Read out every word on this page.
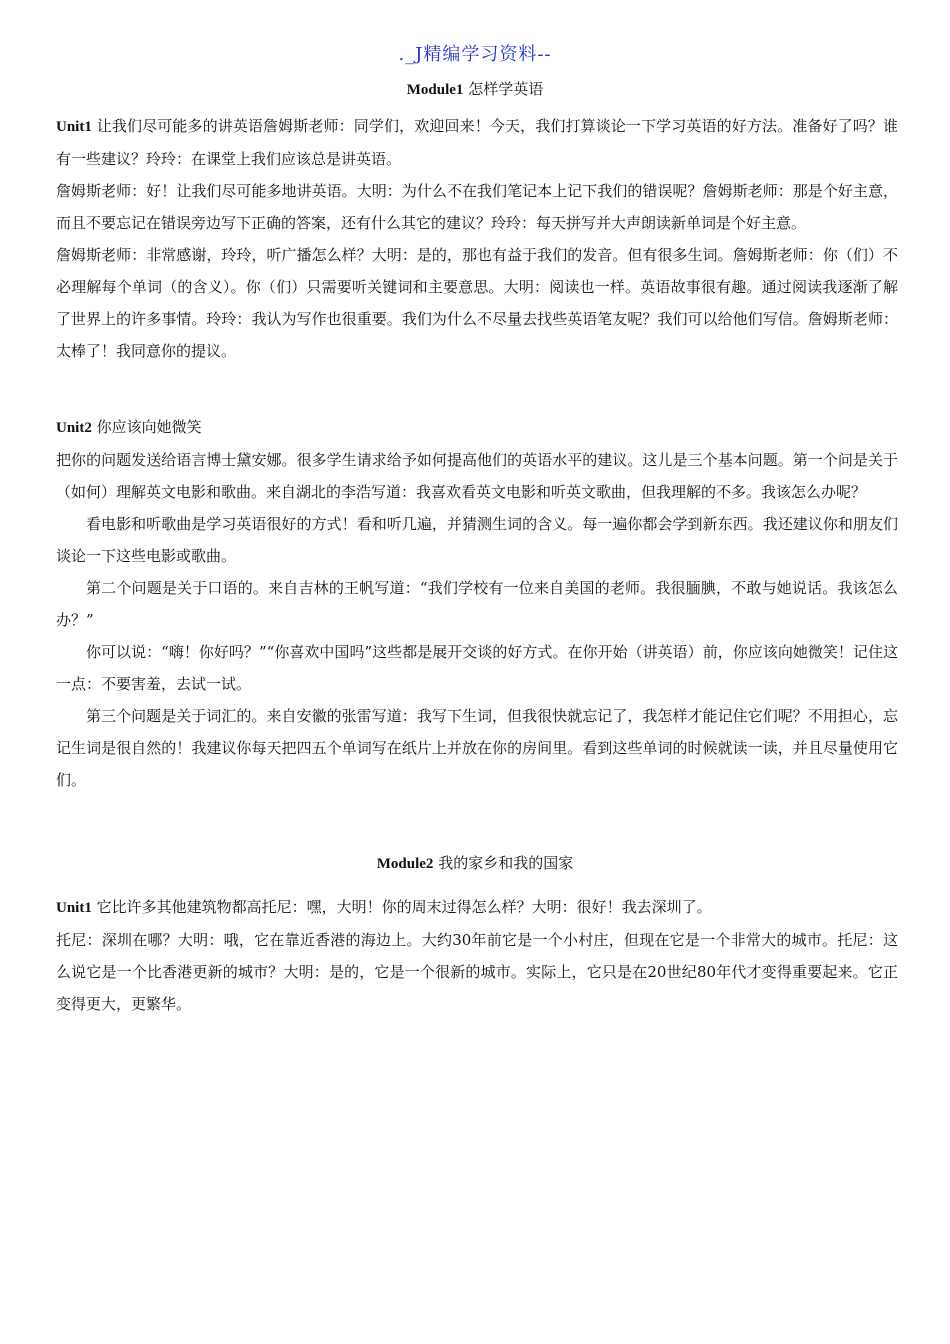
._J精编学习资料--
Module1 怎样学英语

Unit1 让我们尽可能多的讲英语詹姆斯老师：同学们，欢迎回来！今天，我们打算谈论一下学习英语的好方法。准备好了吗？谁有一些建议？玲玲：在课堂上我们应该总是讲英语。

詹姆斯老师：好！让我们尽可能多地讲英语。大明：为什么不在我们笔记本上记下我们的错误呢？詹姆斯老师：那是个好主意，而且不要忘记在错误旁边写下正确的答案，还有什么其它的建议？玲玲：每天拼写并大声朗读新单词是个好主意。

詹姆斯老师：非常感谢，玲玲，听广播怎么样？大明：是的，那也有益于我们的发音。但有很多生词。詹姆斯老师：你（们）不必理解每个单词（的含义）。你（们）只需要听关键词和主要意思。大明：阅读也一样。英语故事很有趣。通过阅读我逐渐了解了世界上的许多事情。玲玲：我认为写作也很重要。我们为什么不尽量去找些英语笔友呢？我们可以给他们写信。詹姆斯老师：太棒了！我同意你的提议。

Unit2 你应该向她微笑

把你的问题发送给语言博士黛安娜。很多学生请求给予如何提高他们的英语水平的建议。这儿是三个基本问题。第一个问是关于（如何）理解英文电影和歌曲。来自湖北的李浩写道：我喜欢看英文电影和听英文歌曲，但我理解的不多。我该怎么办呢？

看电影和听歌曲是学习英语很好的方式！看和听几遍，并猜测生词的含义。每一遍你都会学到新东西。我还建议你和朋友们谈论一下这些电影或歌曲。

第二个问题是关于口语的。来自吉林的王帆写道：“我们学校有一位来自美国的老师。我很腼腆，不敢与她说话。我该怎么办？”

你可以说：“嗨！你好吗？”“你喜欢中国吗”这些都是展开交谈的好方式。在你开始（讲英语）前，你应该向她微笑！记住这一点：不要害羞，去试一试。

第三个问题是关于词汇的。来自安徽的张雷写道：我写下生词，但我很快就忘记了，我怎样才能记住它们呢？不用担心，忘记生词是很自然的！我建议你每天把四五个单词写在纸片上并放在你的房间里。看到这些单词的时候就读一读，并且尽量使用它们。

Module2 我的家乡和我的国家

Unit1 它比许多其他建筑物都高托尼：嘿，大明！你的周末过得怎么样？大明：很好！我去深圳了。

托尼：深圳在哪？大明：哦，它在靠近香港的海边上。大约30年前它是一个小村庄，但现在它是一个非常大的城市。托尼：这么说它是一个比香港更新的城市？大明：是的，它是一个很新的城市。实际上，它只是在20世纪80年代才变得重要起来。它正变得更大，更繁华。
